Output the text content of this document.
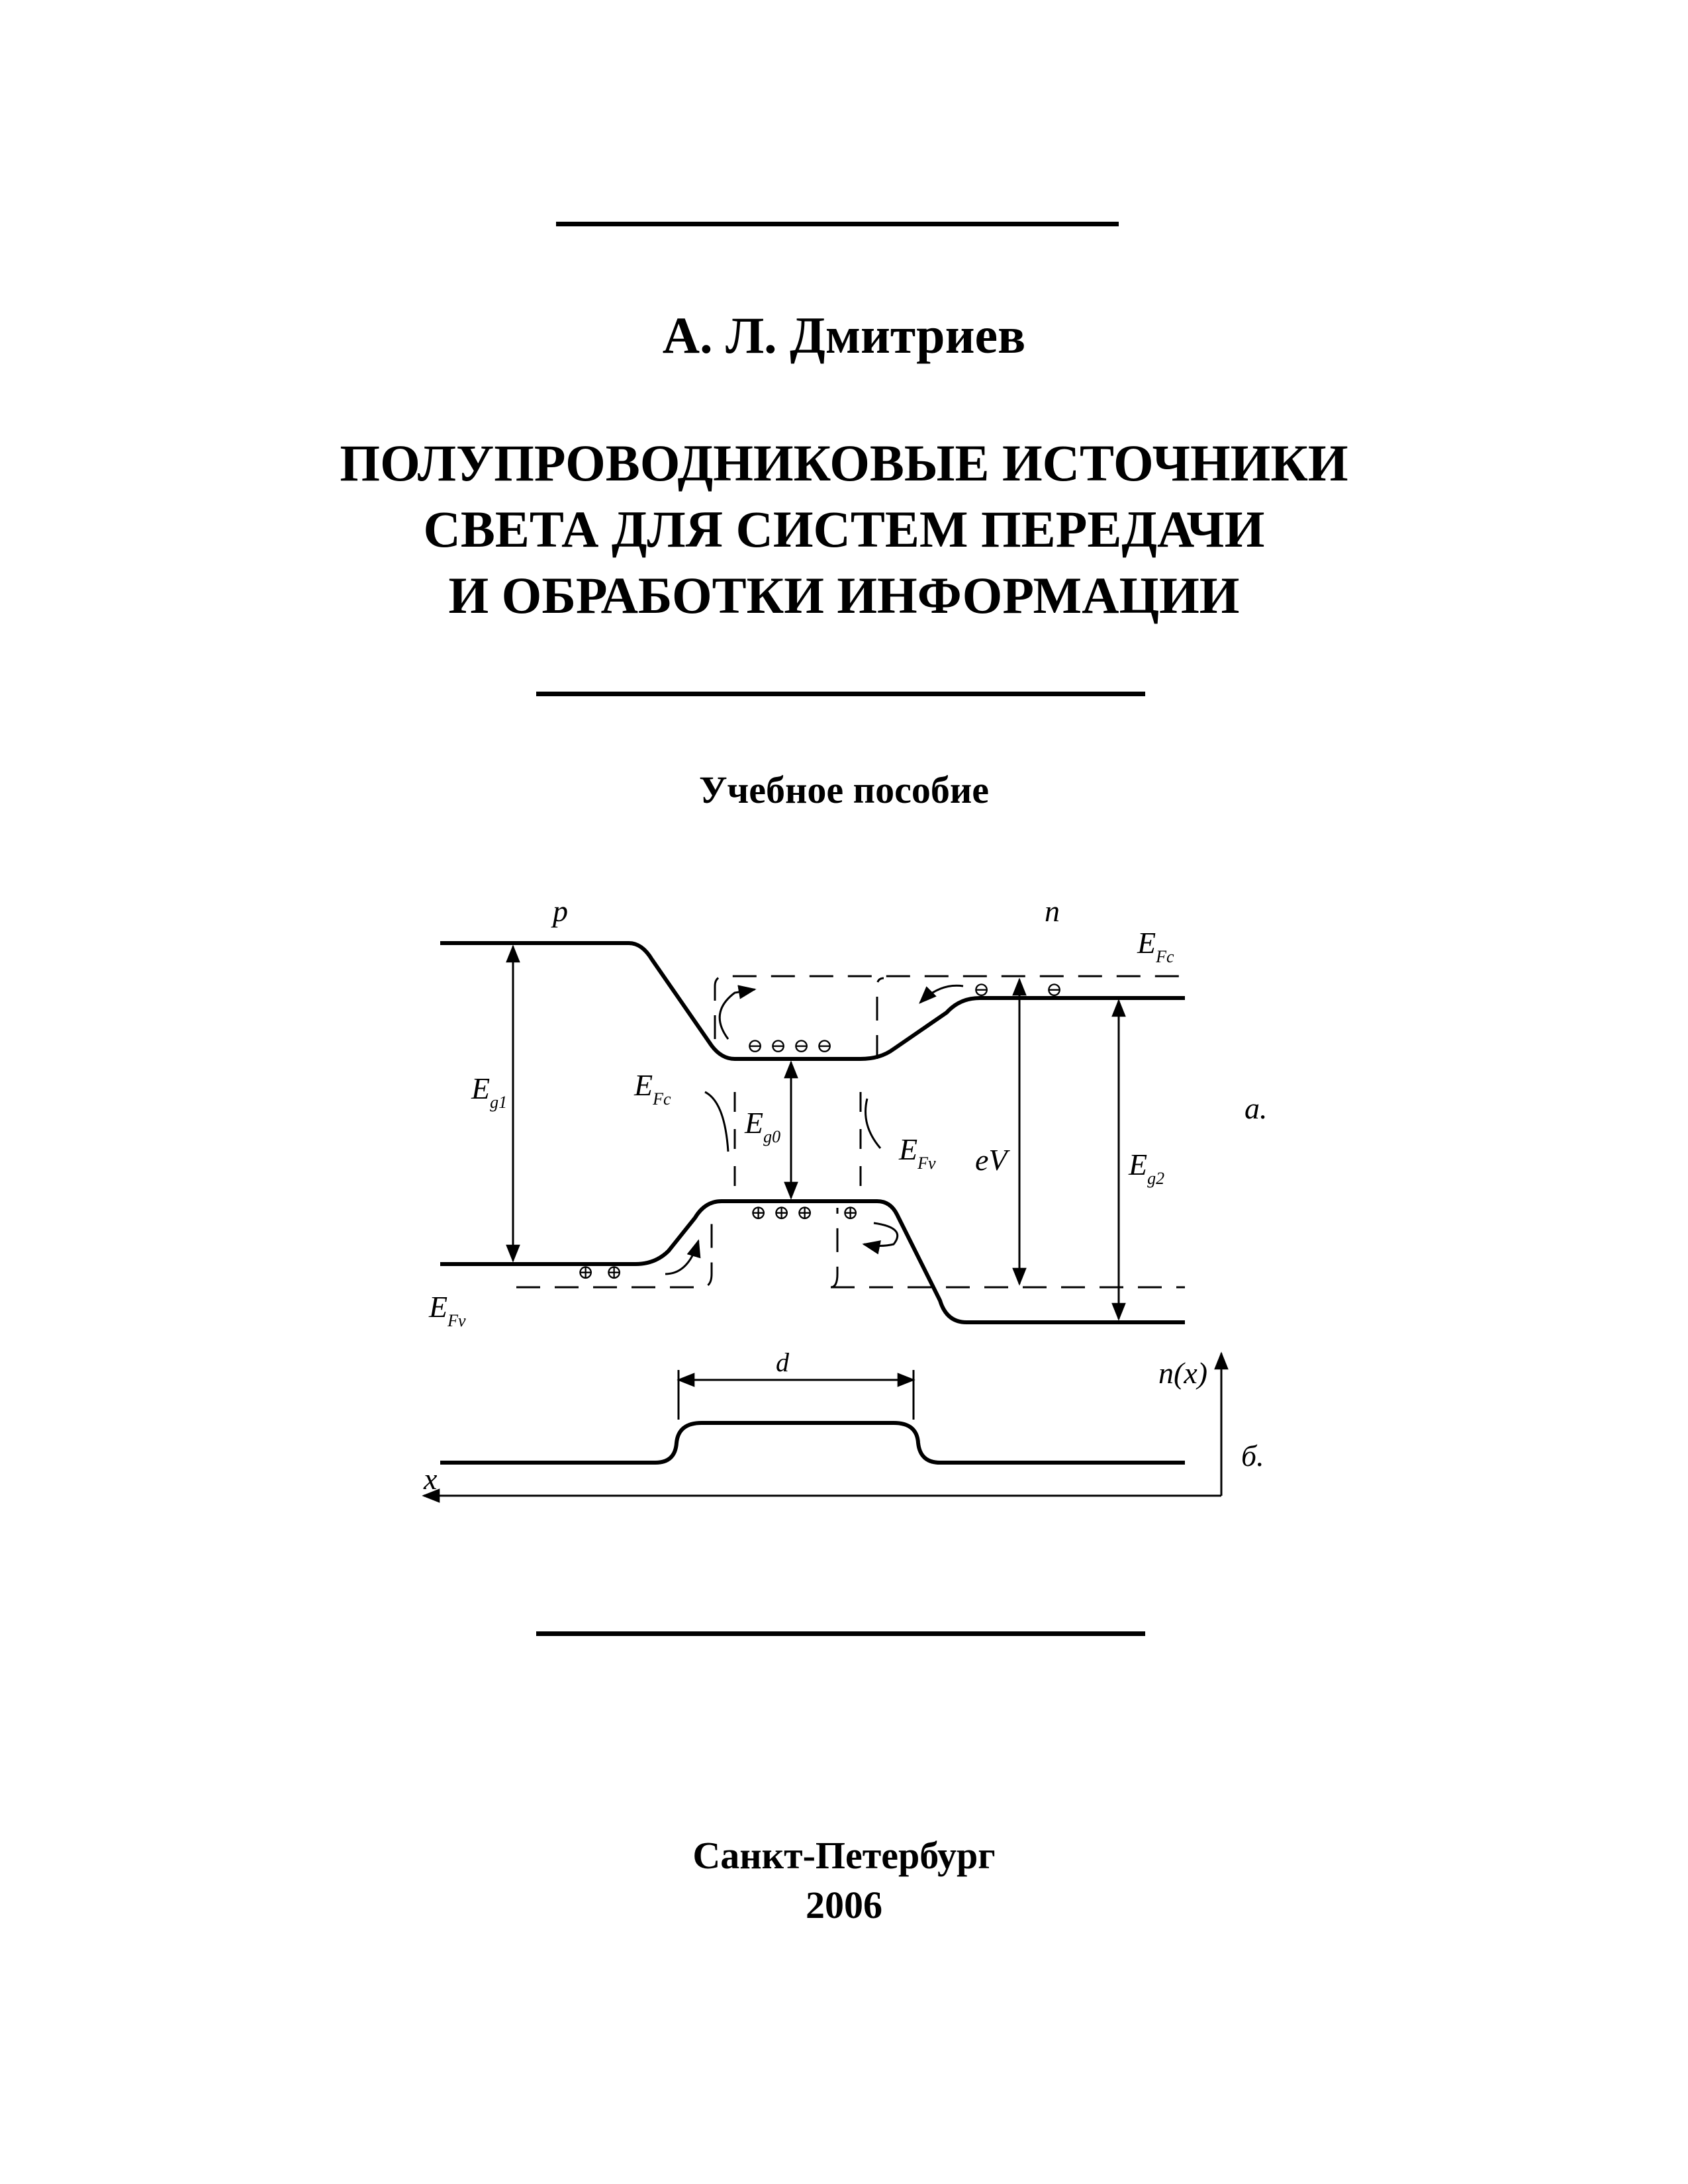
А. Л. Дмитриев
ПОЛУПРОВОДНИКОВЫЕ ИСТОЧНИКИ
СВЕТА ДЛЯ СИСТЕМ ПЕРЕДАЧИ
И ОБРАБОТКИ ИНФОРМАЦИИ
Учебное пособие
p	n
$E_{Fc}$
$E_{g1}$
$E_{Fc}$
$E_{g0}$	$E_{Fv}$ eV	$E_{g2}$
a.
$E_{Fv}$
d	n(x)
б.
x
⊖ ⊖ ⊖ ⊖
⊖	⊖
⊕ ⊕ ⊕ ⊕
⊕ ⊕
Санкт-Петербург
2006
